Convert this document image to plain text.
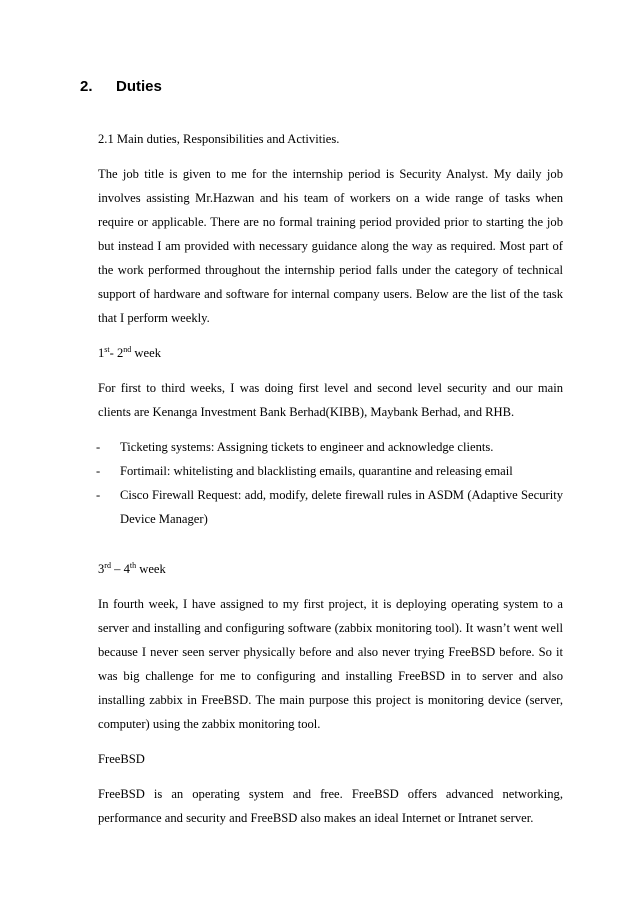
2. Duties

2.1 Main duties, Responsibilities and Activities.

The job title is given to me for the internship period is Security Analyst. My daily job involves assisting Mr.Hazwan and his team of workers on a wide range of tasks when require or applicable. There are no formal training period provided prior to starting the job but instead I am provided with necessary guidance along the way as required. Most part of the work performed throughout the internship period falls under the category of technical support of hardware and software for internal company users. Below are the list of the task that I perform weekly.

1st- 2nd week

For first to third weeks, I was doing first level and second level security and our main clients are Kenanga Investment Bank Berhad(KIBB), Maybank Berhad, and RHB.

- Ticketing systems: Assigning tickets to engineer and acknowledge clients.
- Fortimail: whitelisting and blacklisting emails, quarantine and releasing email
- Cisco Firewall Request: add, modify, delete firewall rules in ASDM (Adaptive Security Device Manager)

3rd – 4th week

In fourth week, I have assigned to my first project, it is deploying operating system to a server and installing and configuring software (zabbix monitoring tool). It wasn’t went well because I never seen server physically before and also never trying FreeBSD before. So it was big challenge for me to configuring and installing FreeBSD in to server and also installing zabbix in FreeBSD. The main purpose this project is monitoring device (server, computer) using the zabbix monitoring tool.

FreeBSD

FreeBSD is an operating system and free. FreeBSD offers advanced networking, performance and security and FreeBSD also makes an ideal Internet or Intranet server.
